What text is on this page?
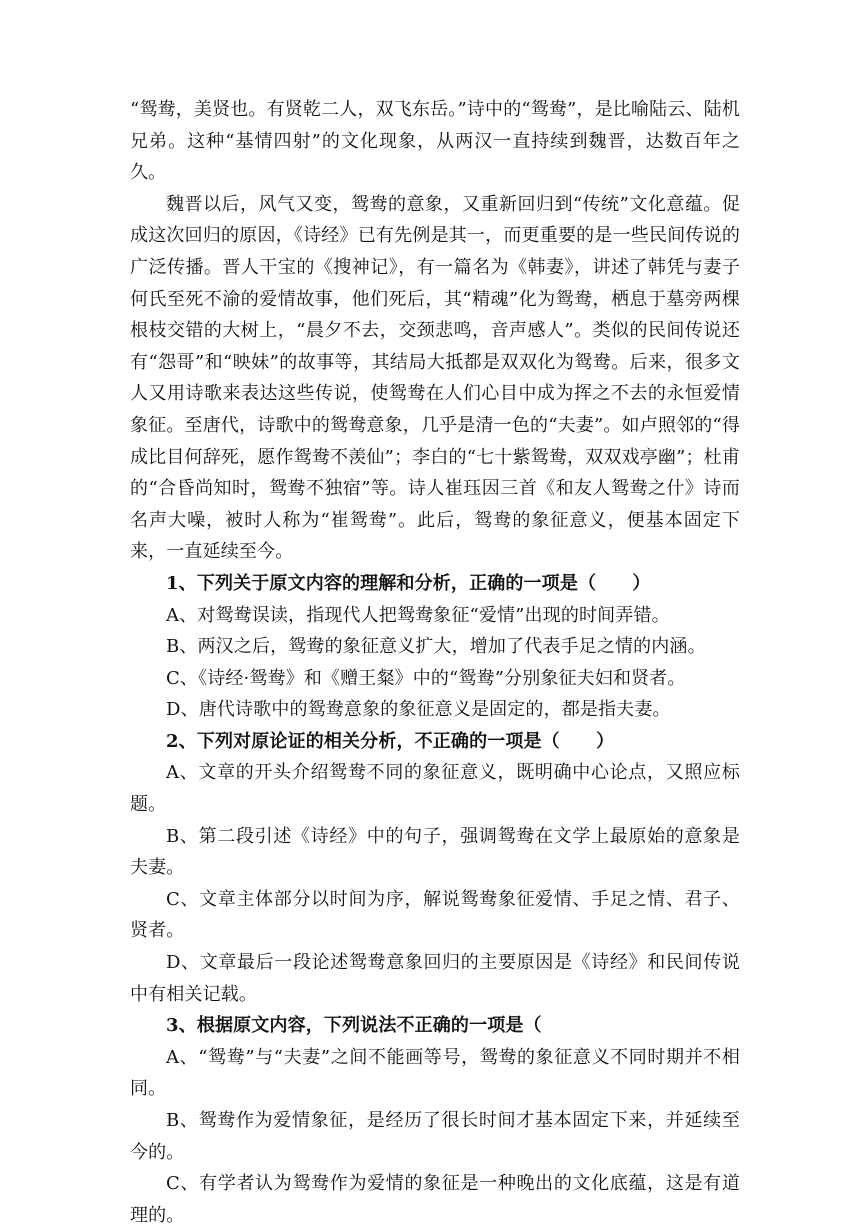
“鸳鸯，美贤也。有贤乾二人，双飞东岳。”诗中的“鸳鸯”，是比喻陆云、陆机兄弟。这种“基情四射”的文化现象，从两汉一直持续到魏晋，达数百年之久。

魏晋以后，风气又变，鸳鸯的意象，又重新回归到“传统”文化意蕴。促成这次回归的原因，《诗经》已有先例是其一，而更重要的是一些民间传说的广泛传播。晋人干宝的《搜神记》，有一篇名为《韩妻》，讲述了韩凭与妻子何氏至死不渝的爱情故事，他们死后，其“精魂”化为鸳鸯，栖息于墓旁两棵根枝交错的大树上，“晨夕不去，交颈悲鸣，音声感人”。类似的民间传说还有“怨哥”和“映妹”的故事等，其结局大抵都是双双化为鸳鸯。后来，很多文人又用诗歌来表达这些传说，使鸳鸯在人们心目中成为挥之不去的永恒爱情象征。至唐代，诗歌中的鸳鸯意象，几乎是清一色的“夫妻”。如卢照邻的“得成比目何辞死，愿作鸳鸯不羡仙”；李白的“七十紫鸳鸯，双双戏亭幽”；杜甫的“合昏尚知时，鸳鸯不独宿”等。诗人崔珏因三首《和友人鸳鸯之什》诗而名声大噪，被时人称为“崔鸳鸯”。此后，鸳鸯的象征意义，便基本固定下来，一直延续至今。

1、下列关于原文内容的理解和分析，正确的一项是（　　）

A、对鸳鸯误读，指现代人把鸳鸯象征“爱情”出现的时间弄错。

B、两汉之后，鸳鸯的象征意义扩大，增加了代表手足之情的内涵。

C、《诗经·鸳鸯》和《赠王粲》中的“鸳鸯”分别象征夫妇和贤者。

D、唐代诗歌中的鸳鸯意象的象征意义是固定的，都是指夫妻。

2、下列对原论证的相关分析，不正确的一项是（　　）

A、文章的开头介绍鸳鸯不同的象征意义，既明确中心论点，又照应标题。

B、第二段引述《诗经》中的句子，强调鸳鸯在文学上最原始的意象是夫妻。

C、文章主体部分以时间为序，解说鸳鸯象征爱情、手足之情、君子、贤者。

D、文章最后一段论述鸳鸯意象回归的主要原因是《诗经》和民间传说中有相关记载。

3、根据原文内容，下列说法不正确的一项是（

A、“鸳鸯”与“夫妻”之间不能画等号，鸳鸯的象征意义不同时期并不相同。

B、鸳鸯作为爱情象征，是经历了很长时间才基本固定下来，并延续至今的。

C、有学者认为鸳鸯作为爱情的象征是一种晚出的文化底蕴，这是有道理的。
